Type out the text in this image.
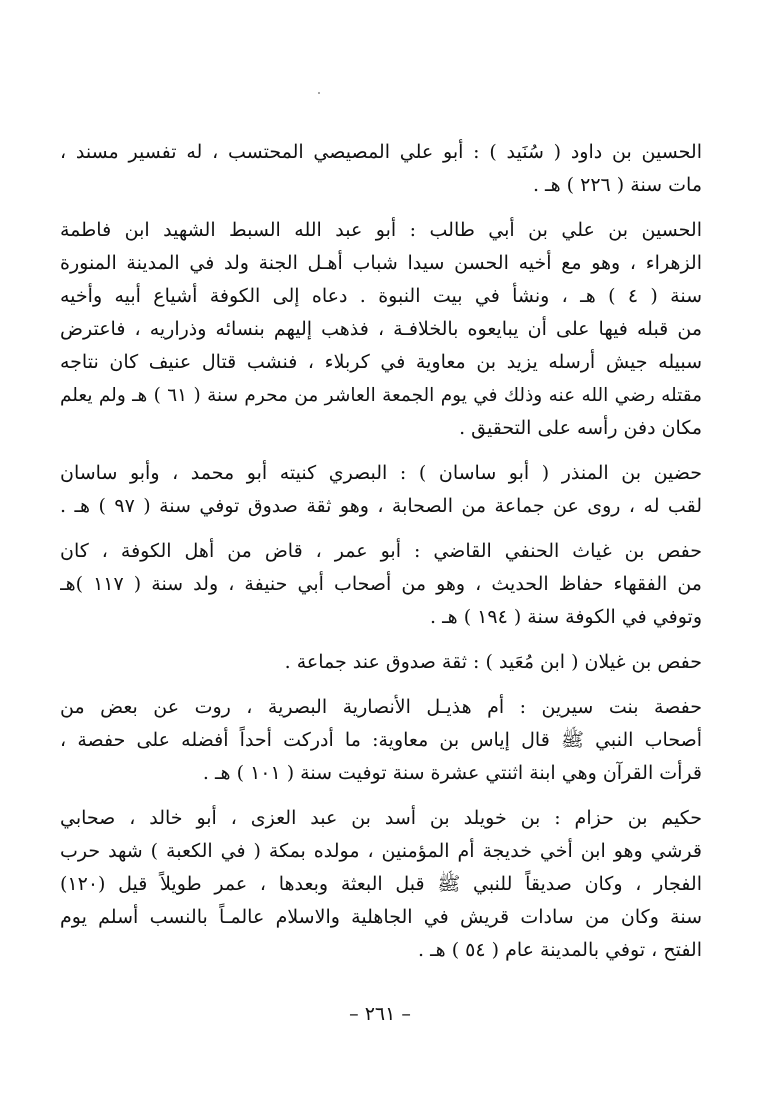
الحسين بن داود ( سُنَيد ) : أبو علي المصيصي المحتسب ، له تفسير مسند ،
مات سنة ( ٢٢٦ ) هـ .
الحسين بن علي بن أبي طالب : أبو عبد الله السبط الشهيد ابن فاطمة
الزهراء ، وهو مع أخيه الحسن سيدا شباب أهـل الجنة ولد في المدينة المنورة
سنة ( ٤ ) هـ ، ونشأ في بيت النبوة . دعاه إلى الكوفة أشياع أبيه وأخيه
من قبله فيها على أن يبايعوه بالخلافـة ، فذهب إليهم بنسائه وذراريه ، فاعترض
سبيله جيش أرسله يزيد بن معاوية في كربلاء ، فنشب قتال عنيف كان نتاجه
مقتله رضي الله عنه وذلك في يوم الجمعة العاشر من محرم سنة ( ٦١ ) هـ ولم يعلم
مكان دفن رأسه على التحقيق .
حضين بن المنذر ( أبو ساسان ) : البصري كنيته أبو محمد ، وأبو ساسان
لقب له ، روى عن جماعة من الصحابة ، وهو ثقة صدوق توفي سنة ( ٩٧ ) هـ .
حفص بن غياث الحنفي القاضي : أبو عمر ، قاض من أهل الكوفة ، كان
من الفقهاء حفاظ الحديث ، وهو من أصحاب أبي حنيفة ، ولد سنة ( ١١٧ )هـ
وتوفي في الكوفة سنة ( ١٩٤ ) هـ .
حفص بن غيلان ( ابن مُعَيد ) : ثقة صدوق عند جماعة .
حفصة بنت سيرين : أم هذيـل الأنصارية البصرية ، روت عن بعض من
أصحاب النبي ﷺ قال إياس بن معاوية: ما أدركت أحداً أفضله على حفصة ،
قرأت القرآن وهي ابنة اثنتي عشرة سنة توفيت سنة ( ١٠١ ) هـ .
حكيم بن حزام : بن خويلد بن أسد بن عبد العزى ، أبو خالد ، صحابي
قرشي وهو ابن أخي خديجة أم المؤمنين ، مولده بمكة ( في الكعبة ) شهد حرب
الفجار ، وكان صديقاً للنبي ﷺ قبل البعثة وبعدها ، عمر طويلاً قيل (١٢٠)
سنة وكان من سادات قريش في الجاهلية والاسلام عالمـاً بالنسب أسلم يوم
الفتح ، توفي بالمدينة عام ( ٥٤ ) هـ .
– ٢٦١ –
